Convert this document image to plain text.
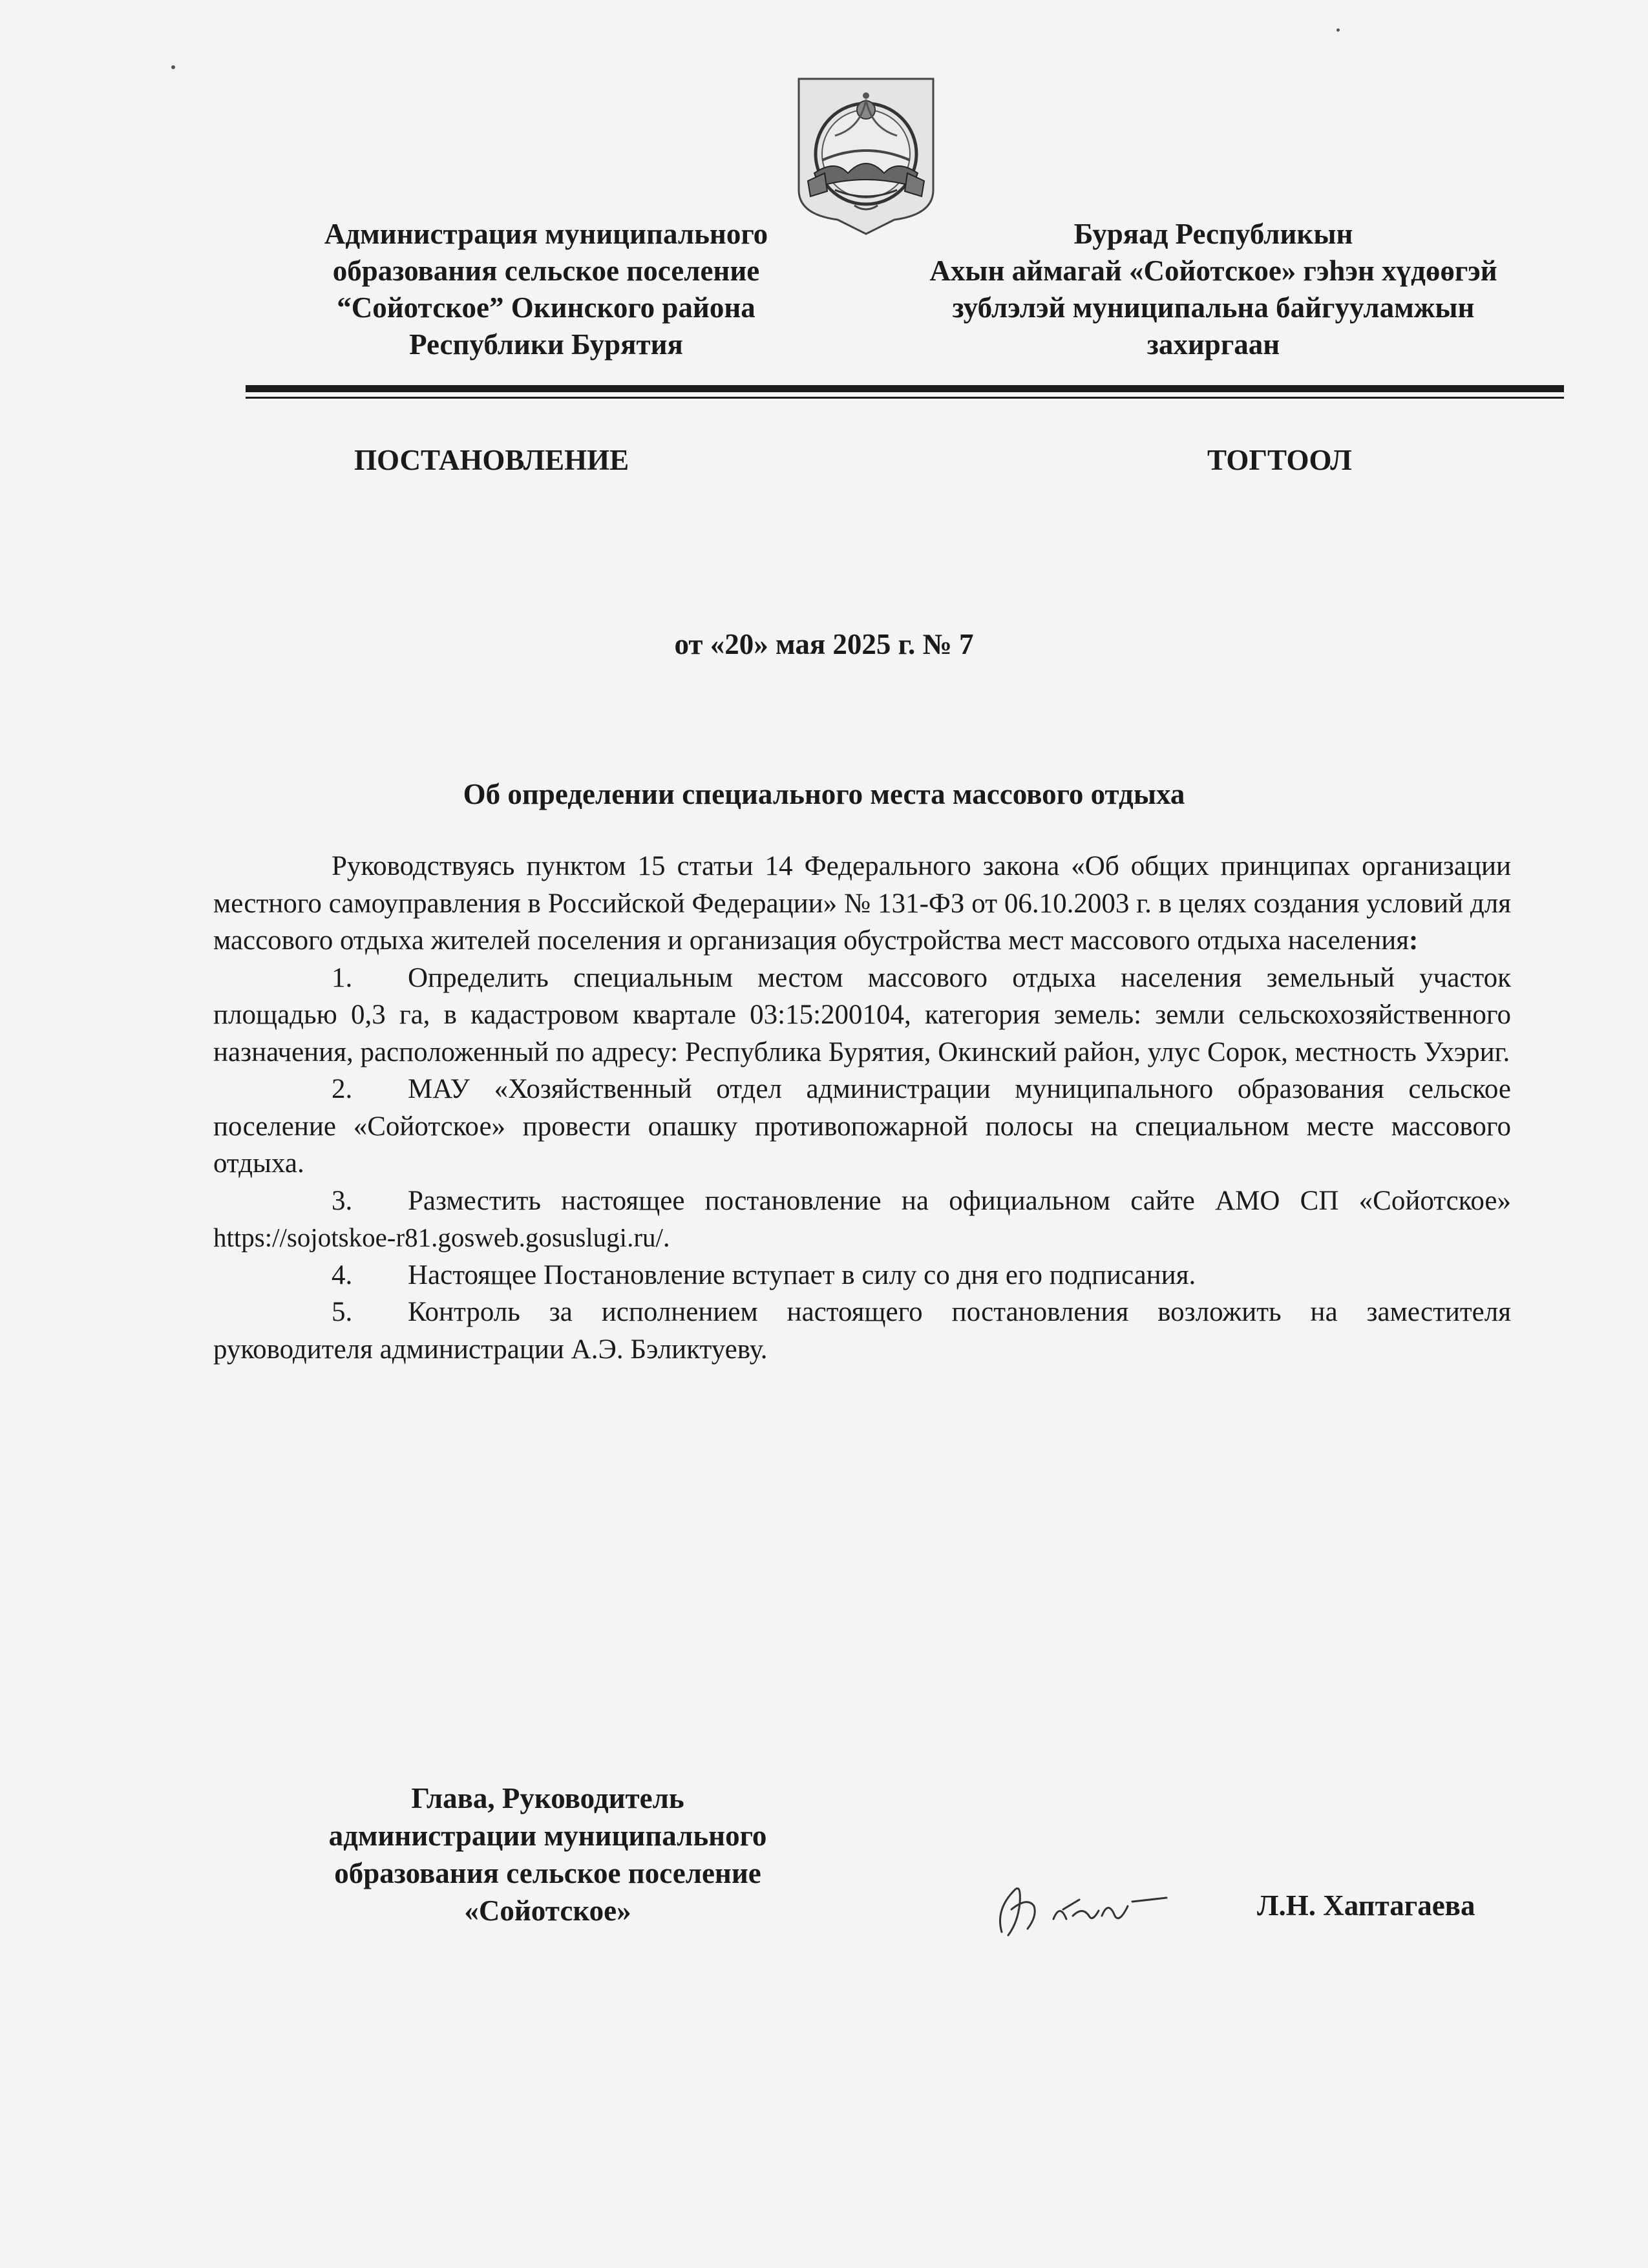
Администрация муниципального
образования сельское поселение
“Сойотское” Окинского района
Республики Бурятия
Буряад Республикын
Ахын аймагай «Сойотское» гэһэн хүдөөгэй
зублэлэй муниципальна байгууламжын
захиргаан
ПОСТАНОВЛЕНИЕ	ТОГТООЛ
от «20» мая 2025 г. № 7
Об определении специального места массового отдыха

Руководствуясь пунктом 15 статьи 14 Федерального закона «Об общих принципах организации местного самоуправления в Российской Федерации» № 131-ФЗ от 06.10.2003 г. в целях создания условий для массового отдыха жителей поселения и организация обустройства мест массового отдыха населения:

1. Определить специальным местом массового отдыха населения земельный участок площадью 0,3 га, в кадастровом квартале 03:15:200104, категория земель: земли сельскохозяйственного назначения, расположенный по адресу: Республика Бурятия, Окинский район, улус Сорок, местность Ухэриг.

2. МАУ «Хозяйственный отдел администрации муниципального образования сельское поселение «Сойотское» провести опашку противопожарной полосы на специальном месте массового отдыха.

3. Разместить настоящее постановление на официальном сайте АМО СП «Сойотское» https://sojotskoe-r81.gosweb.gosuslugi.ru/.

4. Настоящее Постановление вступает в силу со дня его подписания.

5. Контроль за исполнением настоящего постановления возложить на заместителя руководителя администрации А.Э. Бэликтуеву.

Глава, Руководитель
администрации муниципального
образования сельское поселение
«Сойотское»	Л.Н. Хаптагаева
